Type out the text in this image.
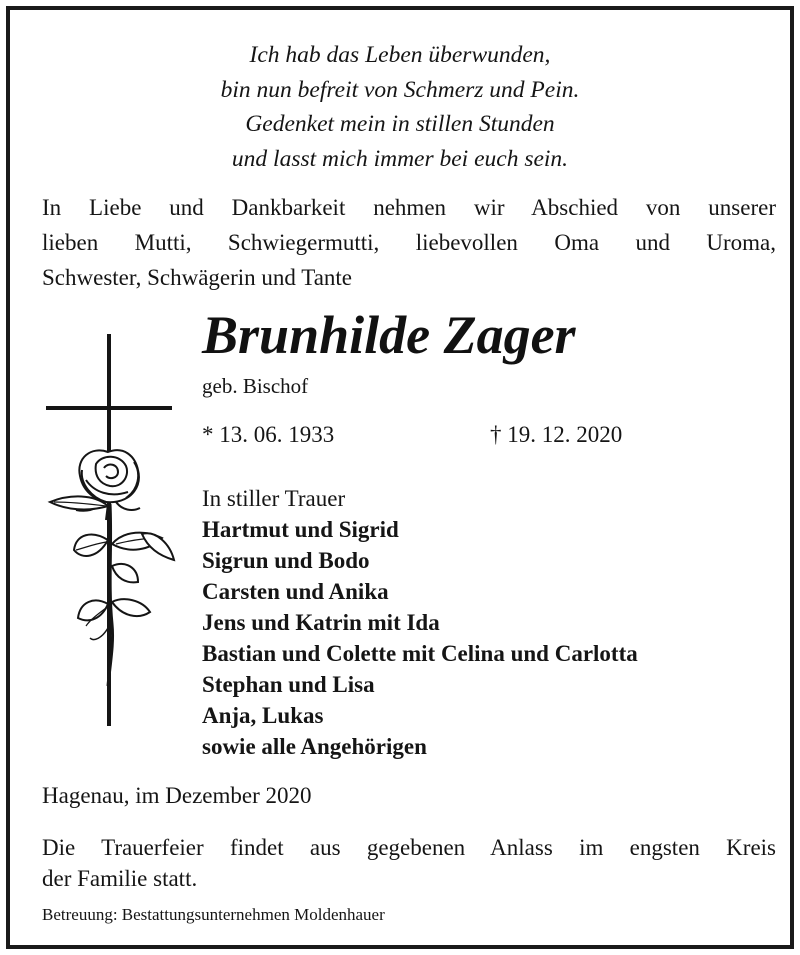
Ich hab das Leben überwunden,
bin nun befreit von Schmerz und Pein.
Gedenket mein in stillen Stunden
und lasst mich immer bei euch sein.
In Liebe und Dankbarkeit nehmen wir Abschied von unserer
lieben Mutti, Schwiegermutti, liebevollen Oma und Uroma,
Schwester, Schwägerin und Tante
Brunhilde Zager
geb. Bischof
* 13. 06. 1933	† 19. 12. 2020
In stiller Trauer
Hartmut und Sigrid
Sigrun und Bodo
Carsten und Anika
Jens und Katrin mit Ida
Bastian und Colette mit Celina und Carlotta
Stephan und Lisa
Anja, Lukas
sowie alle Angehörigen
Hagenau, im Dezember 2020
Die Trauerfeier findet aus gegebenen Anlass im engsten Kreis
der Familie statt.
Betreuung: Bestattungsunternehmen Moldenhauer
